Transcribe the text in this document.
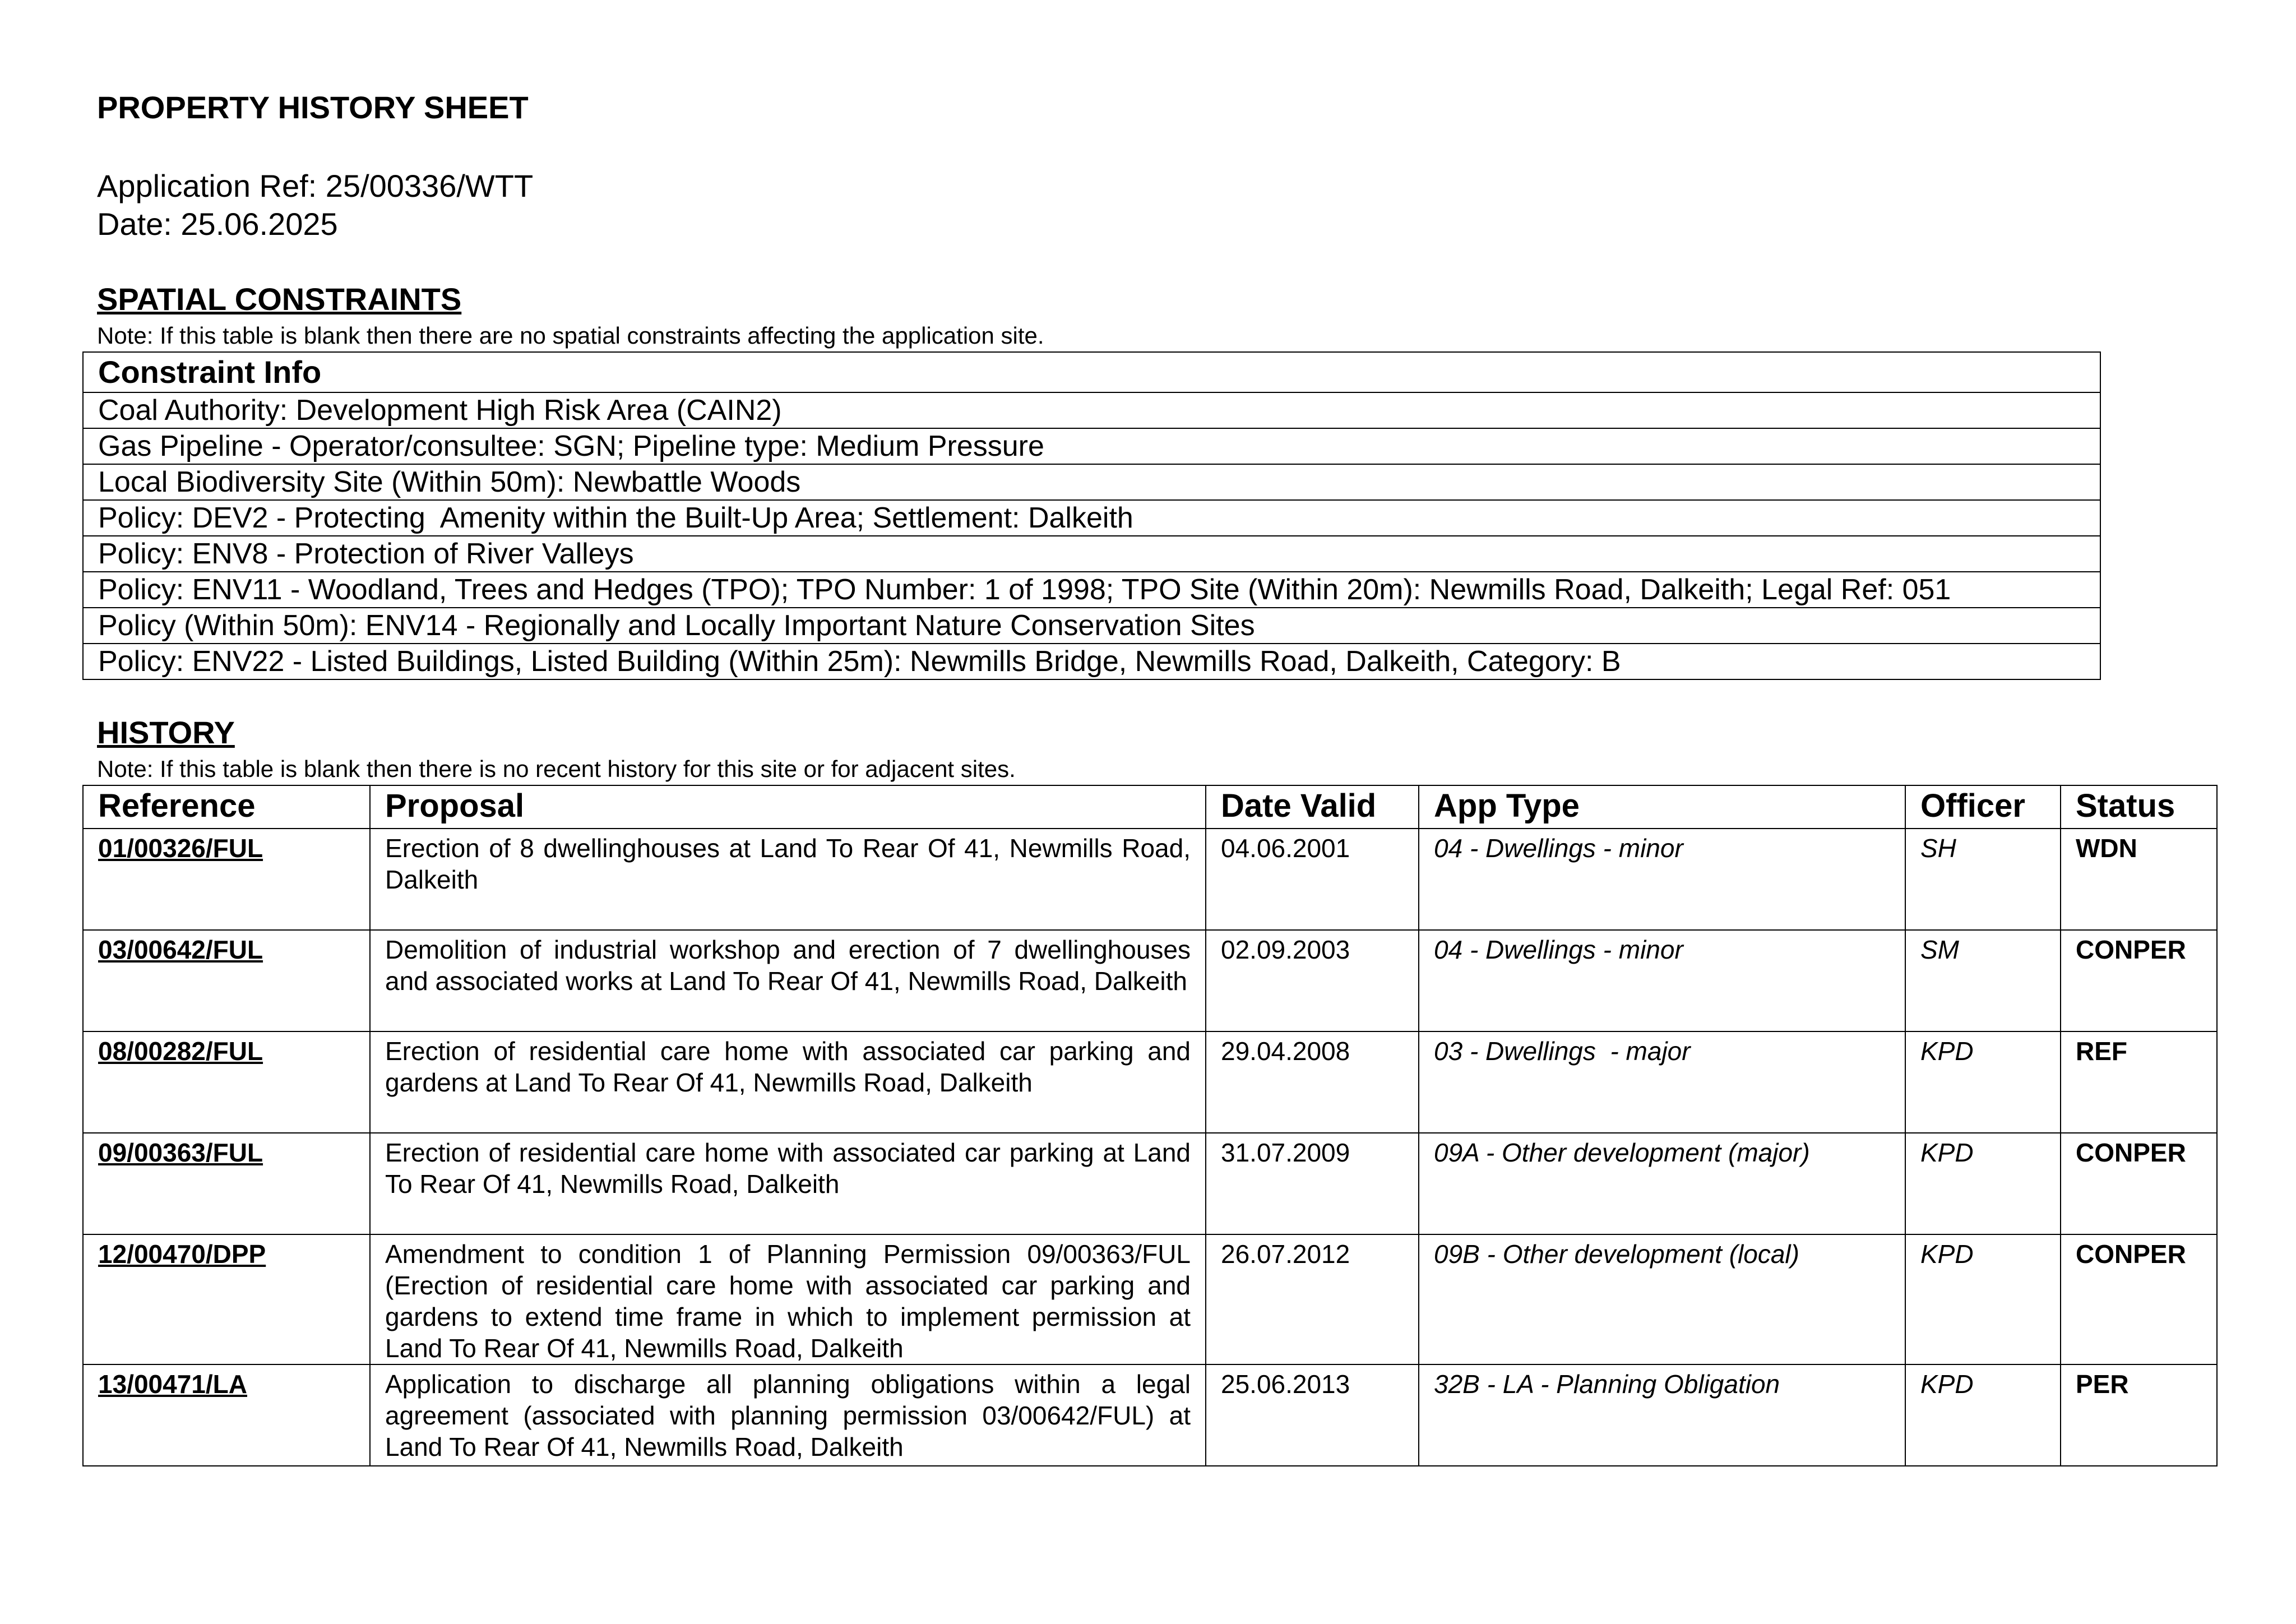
PROPERTY HISTORY SHEET
Application Ref: 25/00336/WTT
Date: 25.06.2025
SPATIAL CONSTRAINTS
Note: If this table is blank then there are no spatial constraints affecting the application site.
Constraint Info
Coal Authority: Development High Risk Area (CAIN2)
Gas Pipeline - Operator/consultee: SGN; Pipeline type: Medium Pressure
Local Biodiversity Site (Within 50m): Newbattle Woods
Policy: DEV2 - Protecting  Amenity within the Built-Up Area; Settlement: Dalkeith
Policy: ENV8 - Protection of River Valleys
Policy: ENV11 - Woodland, Trees and Hedges (TPO); TPO Number: 1 of 1998; TPO Site (Within 20m): Newmills Road, Dalkeith; Legal Ref: 051
Policy (Within 50m): ENV14 - Regionally and Locally Important Nature Conservation Sites
Policy: ENV22 - Listed Buildings, Listed Building (Within 25m): Newmills Bridge, Newmills Road, Dalkeith, Category: B
HISTORY
Note: If this table is blank then there is no recent history for this site or for adjacent sites.
Reference	Proposal	Date Valid	App Type	Officer	Status
01/00326/FUL	Erection of 8 dwellinghouses at Land To Rear Of 41, Newmills Road, Dalkeith	04.06.2001	04 - Dwellings - minor	SH	WDN
03/00642/FUL	Demolition of industrial workshop and erection of 7 dwellinghouses and associated works at Land To Rear Of 41, Newmills Road, Dalkeith	02.09.2003	04 - Dwellings - minor	SM	CONPER
08/00282/FUL	Erection of residential care home with associated car parking and gardens at Land To Rear Of 41, Newmills Road, Dalkeith	29.04.2008	03 - Dwellings  - major	KPD	REF
09/00363/FUL	Erection of residential care home with associated car parking at Land To Rear Of 41, Newmills Road, Dalkeith	31.07.2009	09A - Other development (major)	KPD	CONPER
12/00470/DPP	Amendment to condition 1 of Planning Permission 09/00363/FUL (Erection of residential care home with associated car parking and gardens to extend time frame in which to implement permission at Land To Rear Of 41, Newmills Road, Dalkeith	26.07.2012	09B - Other development (local)	KPD	CONPER
13/00471/LA	Application to discharge all planning obligations within a legal agreement (associated with planning permission 03/00642/FUL) at Land To Rear Of 41, Newmills Road, Dalkeith	25.06.2013	32B - LA - Planning Obligation	KPD	PER
